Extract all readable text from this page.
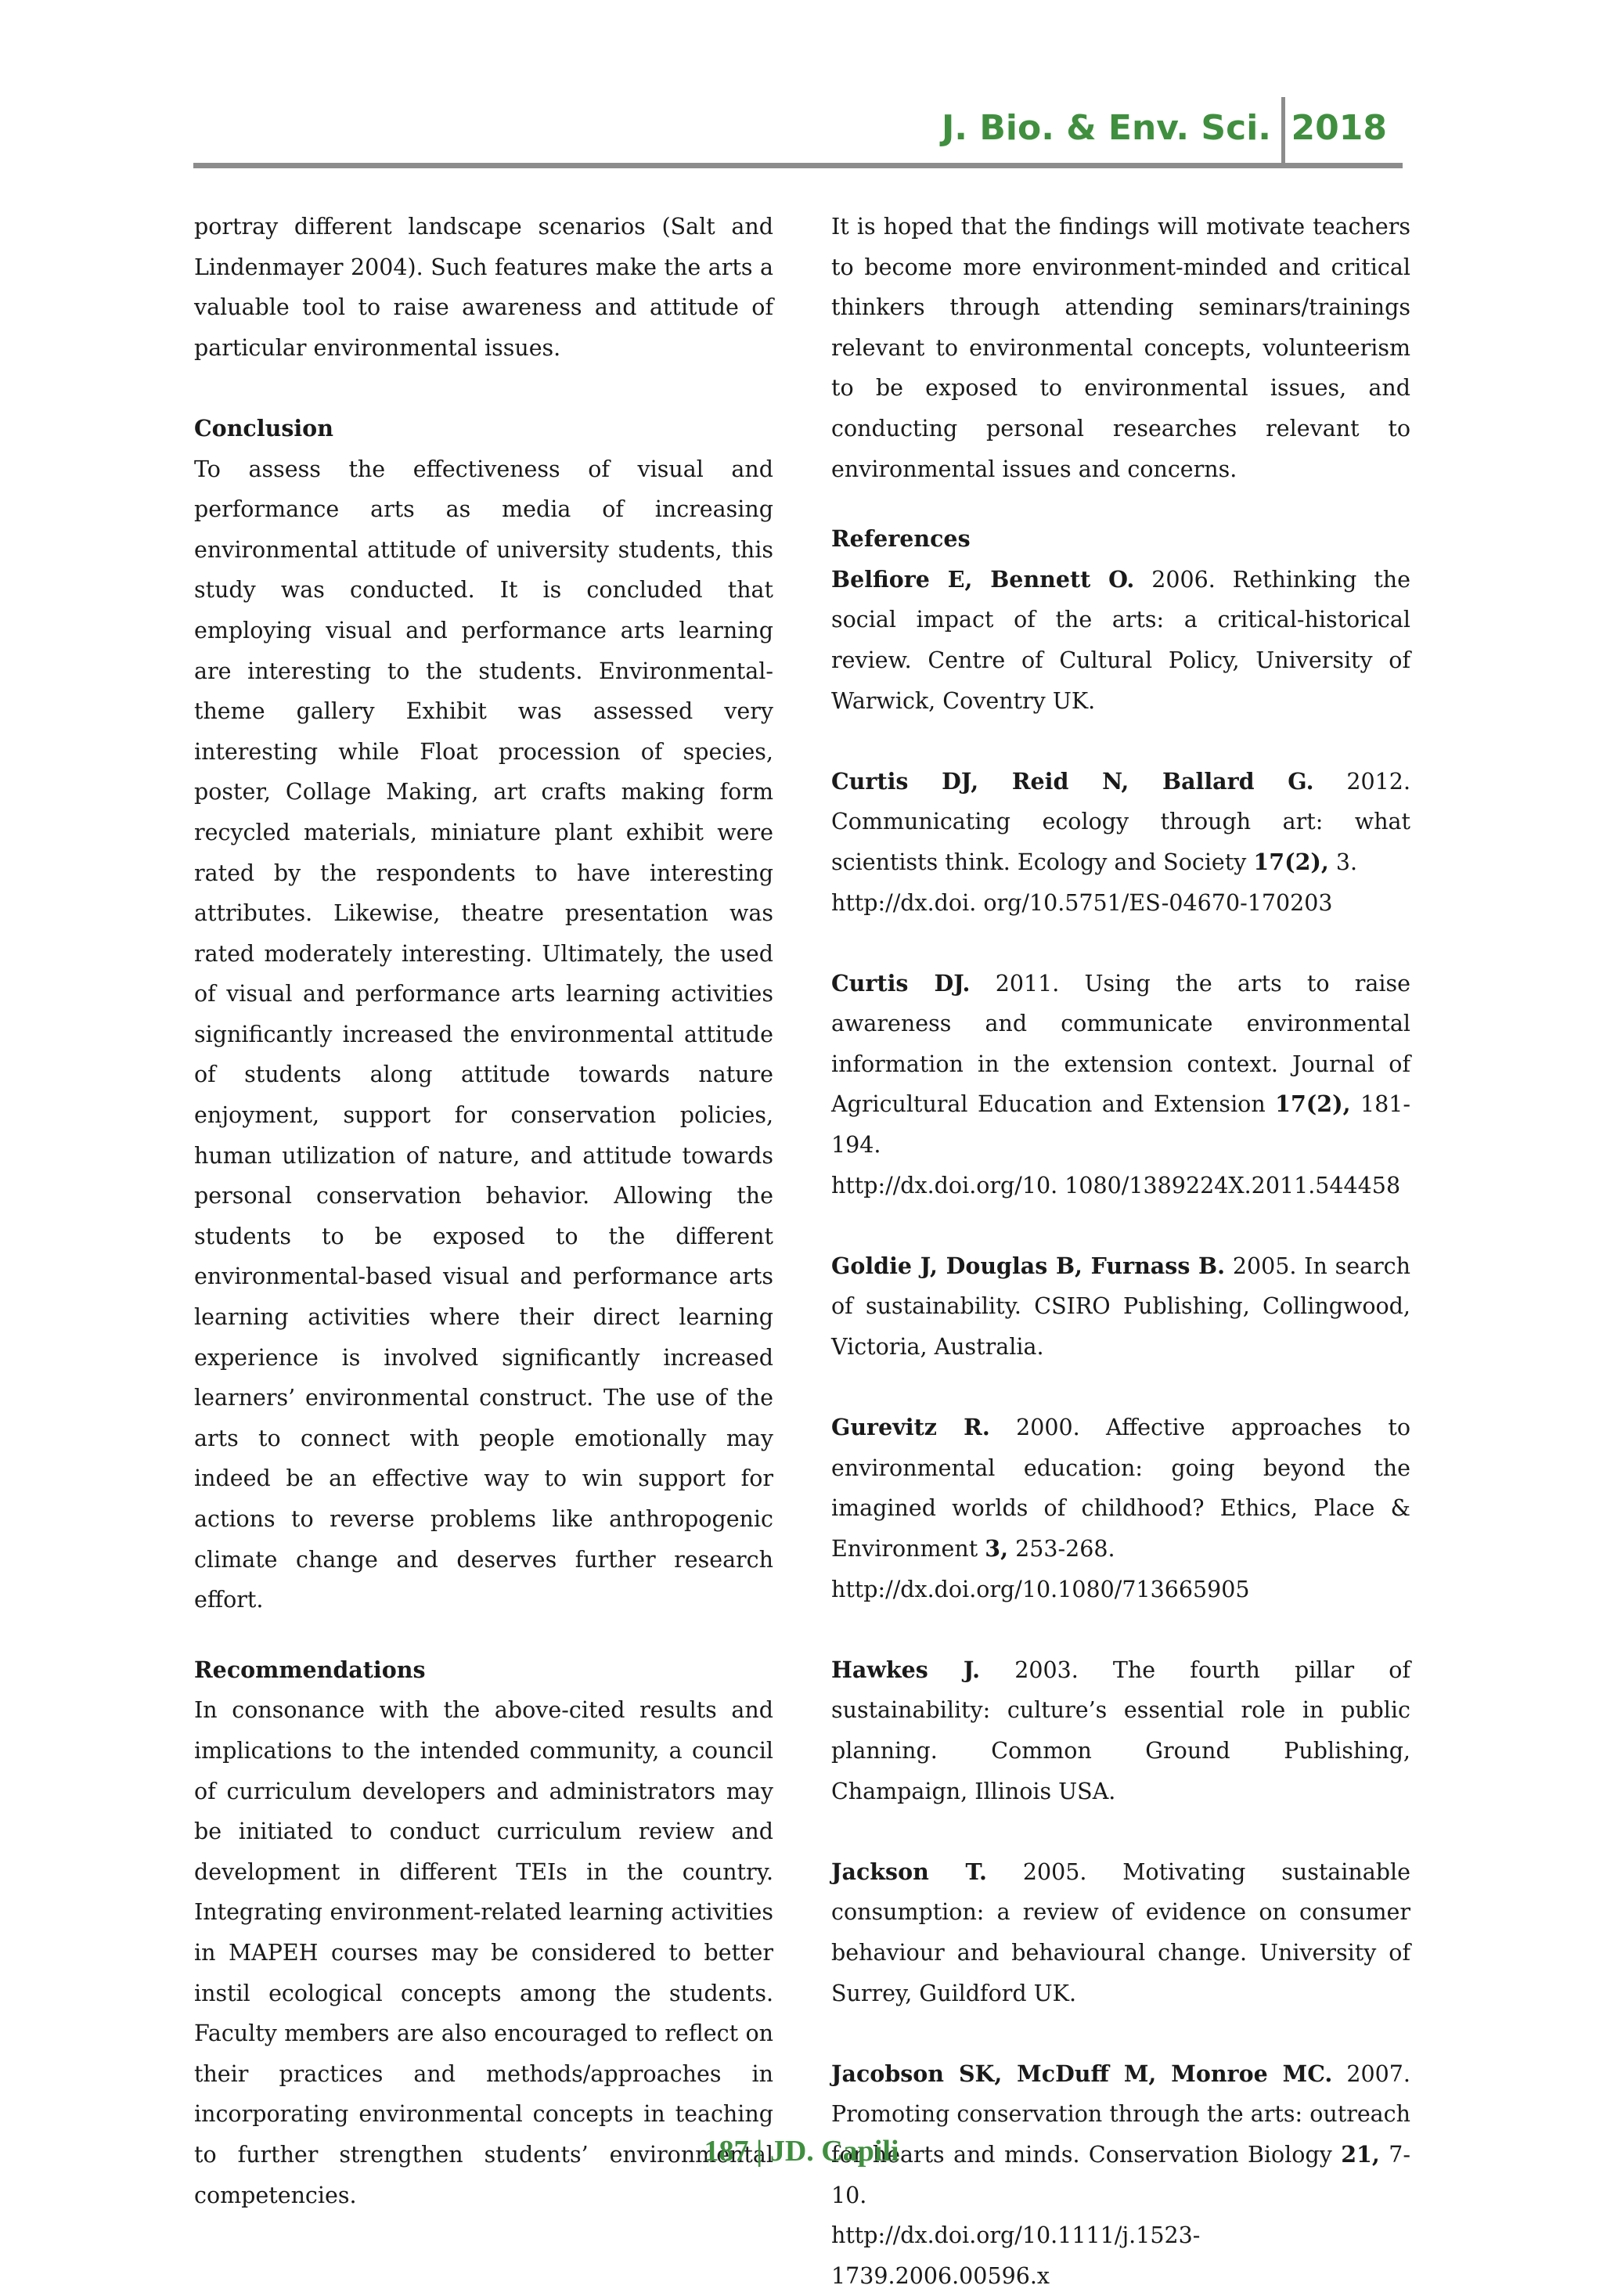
J. Bio. & Env. Sci. 2018

portray different landscape scenarios (Salt and Lindenmayer 2004). Such features make the arts a valuable tool to raise awareness and attitude of particular environmental issues.

Conclusion

To assess the effectiveness of visual and performance arts as media of increasing environmental attitude of university students, this study was conducted. It is concluded that employing visual and performance arts learning are interesting to the students. Environmental-theme gallery Exhibit was assessed very interesting while Float procession of species, poster, Collage Making, art crafts making form recycled materials, miniature plant exhibit were rated by the respondents to have interesting attributes. Likewise, theatre presentation was rated moderately interesting. Ultimately, the used of visual and performance arts learning activities significantly increased the environmental attitude of students along attitude towards nature enjoyment, support for conservation policies, human utilization of nature, and attitude towards personal conservation behavior. Allowing the students to be exposed to the different environmental-based visual and performance arts learning activities where their direct learning experience is involved significantly increased learners’ environmental construct. The use of the arts to connect with people emotionally may indeed be an effective way to win support for actions to reverse problems like anthropogenic climate change and deserves further research effort.

Recommendations

In consonance with the above-cited results and implications to the intended community, a council of curriculum developers and administrators may be initiated to conduct curriculum review and development in different TEIs in the country. Integrating environment-related learning activities in MAPEH courses may be considered to better instil ecological concepts among the students. Faculty members are also encouraged to reflect on their practices and methods/approaches in incorporating environmental concepts in teaching to further strengthen students’ environmental competencies.

It is hoped that the findings will motivate teachers to become more environment-minded and critical thinkers through attending seminars/trainings relevant to environmental concepts, volunteerism to be exposed to environmental issues, and conducting personal researches relevant to environmental issues and concerns.

References

Belfiore E, Bennett O. 2006. Rethinking the social impact of the arts: a critical-historical review. Centre of Cultural Policy, University of Warwick, Coventry UK.

Curtis DJ, Reid N, Ballard G. 2012. Communicating ecology through art: what scientists think. Ecology and Society 17(2), 3.

http://dx.doi. org/10.5751/ES-04670-170203

Curtis DJ. 2011. Using the arts to raise awareness and communicate environmental information in the extension context. Journal of Agricultural Education and Extension 17(2), 181-194.

http://dx.doi.org/10. 1080/1389224X.2011.544458

Goldie J, Douglas B, Furnass B. 2005. In search of sustainability. CSIRO Publishing, Collingwood, Victoria, Australia.

Gurevitz R. 2000. Affective approaches to environmental education: going beyond the imagined worlds of childhood? Ethics, Place & Environment 3, 253-268.

http://dx.doi.org/10.1080/713665905

Hawkes J. 2003. The fourth pillar of sustainability: culture’s essential role in public planning. Common Ground Publishing, Champaign, Illinois USA.

Jackson T. 2005. Motivating sustainable consumption: a review of evidence on consumer behaviour and behavioural change. University of Surrey, Guildford UK.

Jacobson SK, McDuff M, Monroe MC. 2007. Promoting conservation through the arts: outreach for hearts and minds. Conservation Biology 21, 7-10.

http://dx.doi.org/10.1111/j.1523-1739.2006.00596.x
187 | JD. Capili
